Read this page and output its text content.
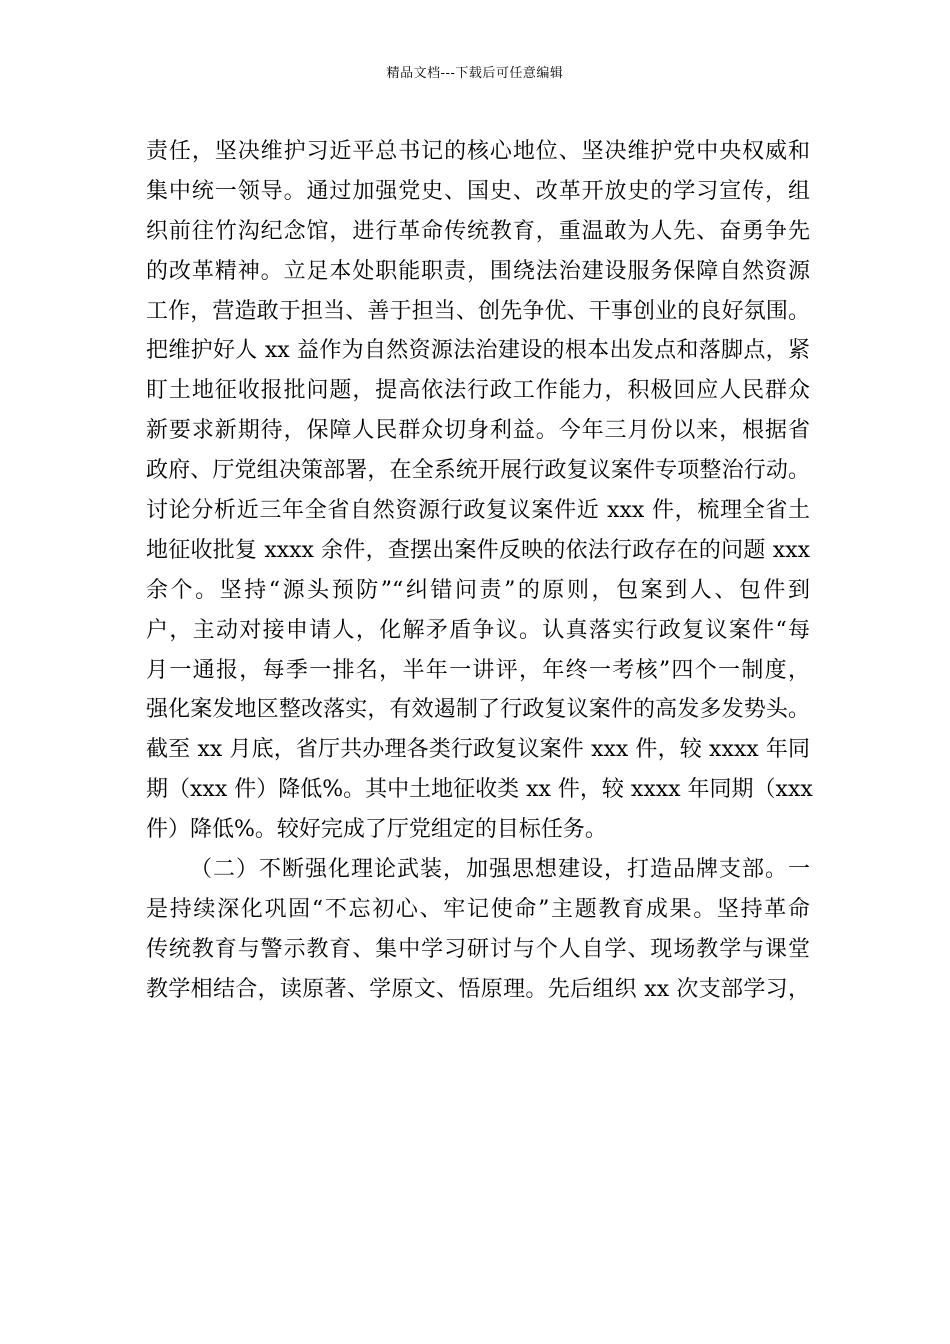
精品文档---下载后可任意编辑
责任，坚决维护习近平总书记的核心地位、坚决维护党中央权威和
集中统一领导。通过加强党史、国史、改革开放史的学习宣传，组
织前往竹沟纪念馆，进行革命传统教育，重温敢为人先、奋勇争先
的改革精神。立足本处职能职责，围绕法治建设服务保障自然资源
工作，营造敢于担当、善于担当、创先争优、干事创业的良好氛围。
把维护好人 xx 益作为自然资源法治建设的根本出发点和落脚点，紧
盯土地征收报批问题，提高依法行政工作能力，积极回应人民群众
新要求新期待，保障人民群众切身利益。今年三月份以来，根据省
政府、厅党组决策部署，在全系统开展行政复议案件专项整治行动。
讨论分析近三年全省自然资源行政复议案件近 xxx 件，梳理全省土
地征收批复 xxxx 余件，查摆出案件反映的依法行政存在的问题 xxx
余个。坚持“源头预防”“纠错问责”的原则，包案到人、包件到
户，主动对接申请人，化解矛盾争议。认真落实行政复议案件“每
月一通报，每季一排名，半年一讲评，年终一考核”四个一制度，
强化案发地区整改落实，有效遏制了行政复议案件的高发多发势头。
截至 xx 月底，省厅共办理各类行政复议案件 xxx 件，较 xxxx 年同
期（xxx 件）降低%。其中土地征收类 xx 件，较 xxxx 年同期（xxx
件）降低%。较好完成了厅党组定的目标任务。
（二）不断强化理论武装，加强思想建设，打造品牌支部。一
是持续深化巩固“不忘初心、牢记使命”主题教育成果。坚持革命
传统教育与警示教育、集中学习研讨与个人自学、现场教学与课堂
教学相结合，读原著、学原文、悟原理。先后组织 xx 次支部学习，
